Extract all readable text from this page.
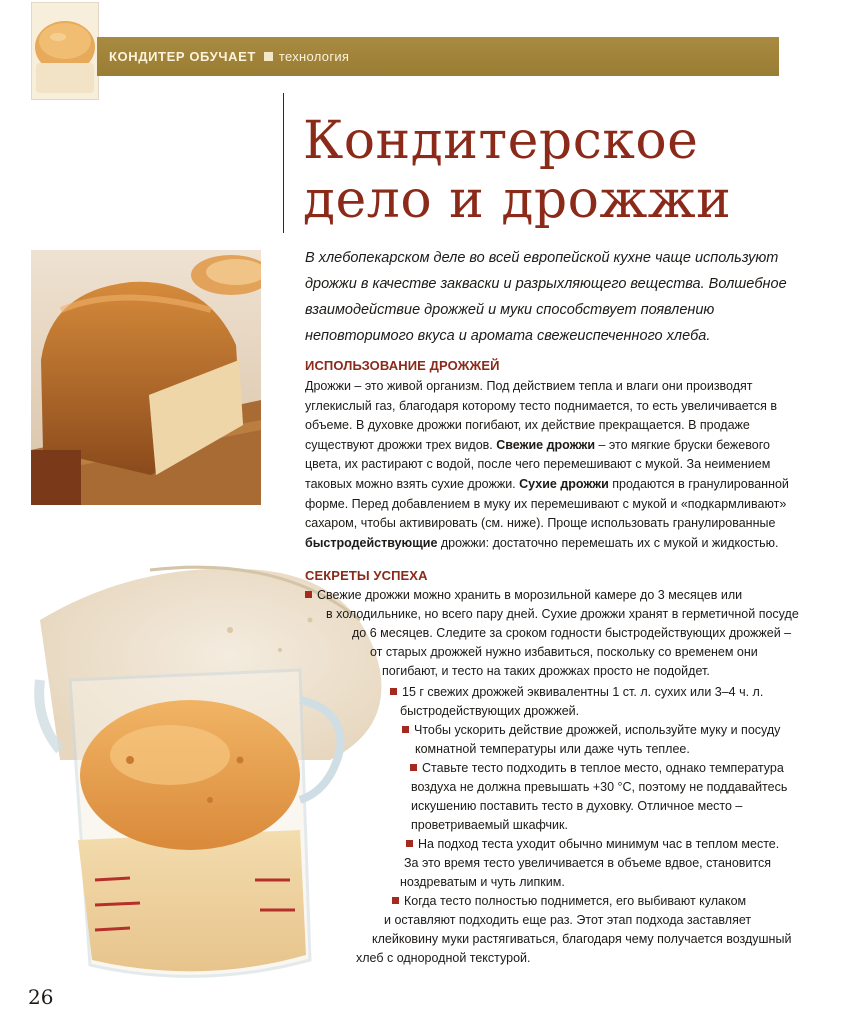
КОНДИТЕР ОБУЧАЕТ технология
Кондитерское
дело и дрожжи

В хлебопекарском деле во всей европейской кухне чаще используют дрожжи в качестве закваски и разрыхляющего вещества. Волшебное взаимодействие дрожжей и муки способствует появлению неповторимого вкуса и аромата свежеиспеченного хлеба.

ИСПОЛЬЗОВАНИЕ ДРОЖЖЕЙ

Дрожжи – это живой организм. Под действием тепла и влаги они производят углекислый газ, благодаря которому тесто поднимается, то есть увеличивается в объеме. В духовке дрожжи погибают, их действие прекращается. В продаже существуют дрожжи трех видов. Свежие дрожжи – это мягкие бруски бежевого цвета, их растирают с водой, после чего перемешивают с мукой. За неимением таковых можно взять сухие дрожжи. Сухие дрожжи продаются в гранулированной форме. Перед добавлением в муку их перемешивают с мукой и «подкармливают» сахаром, чтобы активировать (см. ниже). Проще использовать гранулированные быстродействующие дрожжи: достаточно перемешать их с мукой и жидкостью.

СЕКРЕТЫ УСПЕХА

Свежие дрожжи можно хранить в морозильной камере до 3 месяцев или

в холодильнике, но всего пару дней. Сухие дрожжи хранят в герметичной посуде

до 6 месяцев. Следите за сроком годности быстродействующих дрожжей –

от старых дрожжей нужно избавиться, поскольку со временем они

погибают, и тесто на таких дрожжах просто не подойдет.

15 г свежих дрожжей эквивалентны 1 ст. л. сухих или 3–4 ч. л.

быстродействующих дрожжей.

Чтобы ускорить действие дрожжей, используйте муку и посуду

комнатной температуры или даже чуть теплее.

Ставьте тесто подходить в теплое место, однако температура

воздуха не должна превышать +30 °С, поэтому не поддавайтесь

искушению поставить тесто в духовку. Отличное место –

проветриваемый шкафчик.

На подход теста уходит обычно минимум час в теплом месте.

За это время тесто увеличивается в объеме вдвое, становится

ноздреватым и чуть липким.

Когда тесто полностью поднимется, его выбивают кулаком

и оставляют подходить еще раз. Этот этап подхода заставляет

клейковину муки растягиваться, благодаря чему получается воздушный

хлеб с однородной текстурой.

26
